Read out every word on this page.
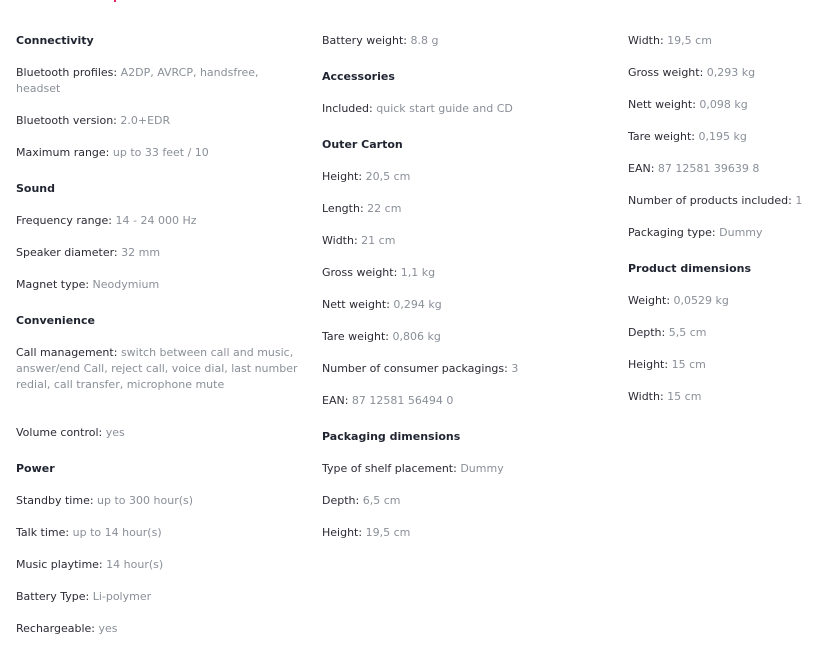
Connectivity
Bluetooth profiles: A2DP, AVRCP, handsfree, headset
Bluetooth version: 2.0+EDR
Maximum range: up to 33 feet / 10
Sound
Frequency range: 14 - 24 000 Hz
Speaker diameter: 32 mm
Magnet type: Neodymium
Convenience
Call management: switch between call and music, answer/end Call, reject call, voice dial, last number redial, call transfer, microphone mute
Volume control: yes
Power
Standby time: up to 300 hour(s)
Talk time: up to 14 hour(s)
Music playtime: 14 hour(s)
Battery Type: Li-polymer
Rechargeable: yes
Battery weight: 8.8 g
Accessories
Included: quick start guide and CD
Outer Carton
Height: 20,5 cm
Length: 22 cm
Width: 21 cm
Gross weight: 1,1 kg
Nett weight: 0,294 kg
Tare weight: 0,806 kg
Number of consumer packagings: 3
EAN: 87 12581 56494 0
Packaging dimensions
Type of shelf placement: Dummy
Depth: 6,5 cm
Height: 19,5 cm
Width: 19,5 cm
Gross weight: 0,293 kg
Nett weight: 0,098 kg
Tare weight: 0,195 kg
EAN: 87 12581 39639 8
Number of products included: 1
Packaging type: Dummy
Product dimensions
Weight: 0,0529 kg
Depth: 5,5 cm
Height: 15 cm
Width: 15 cm
